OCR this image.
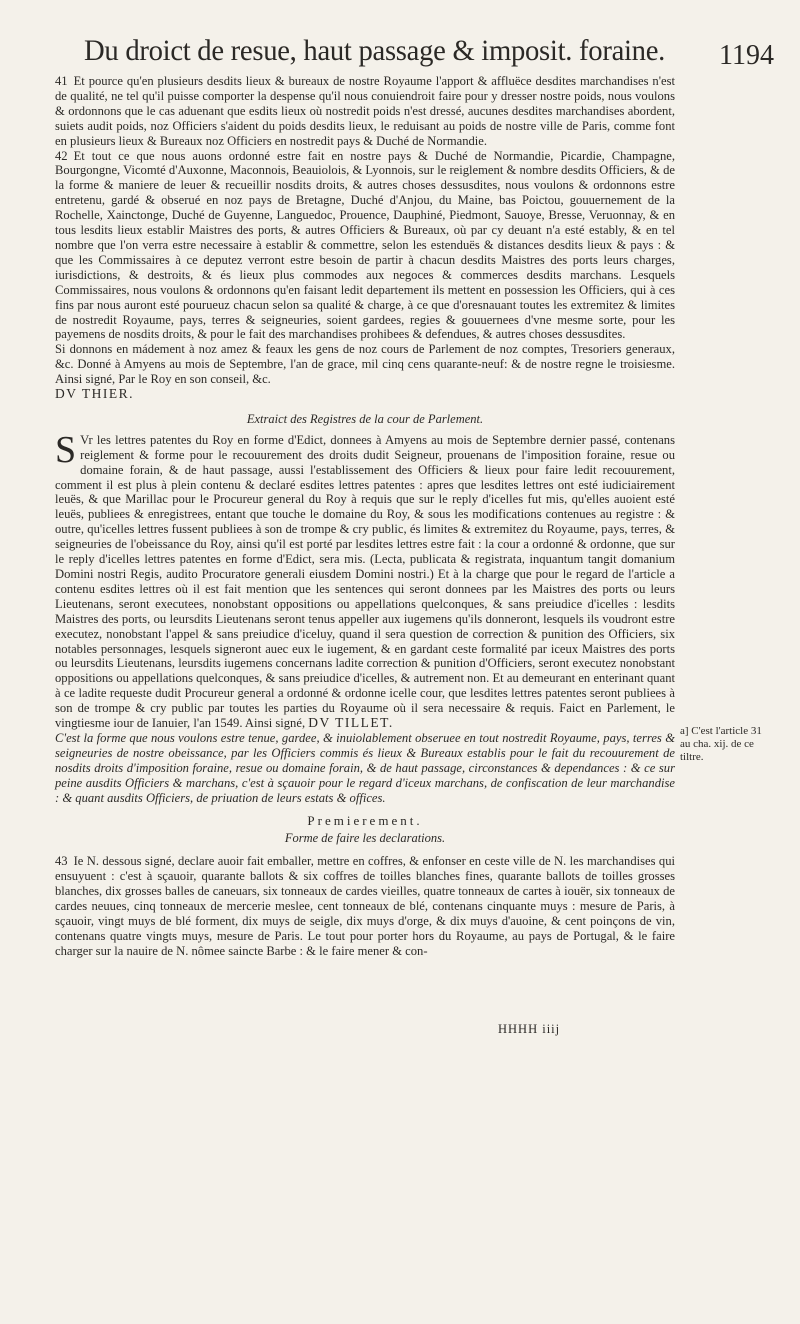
Du droict de resue, haut passage & imposit. foraine. 1194

41 Et pource qu'en plusieurs desdits lieux & bureaux de nostre Royaume l'apport & affluëce desdites marchandises n'est de qualité, ne tel qu'il puisse comporter la despense qu'il nous conuiendroit faire pour y dresser nostre poids, nous voulons & ordonnons que le cas aduenant que esdits lieux où nostredit poids n'est dressé, aucunes desdites marchandises abordent, suiets audit poids, noz Officiers s'aident du poids desdits lieux, le reduisant au poids de nostre ville de Paris, comme font en plusieurs lieux & Bureaux noz Officiers en nostredit pays & Duché de Normandie.

42 Et tout ce que nous auons ordonné estre fait en nostre pays & Duché de Normandie, Picardie, Champagne, Bourgongne, Vicomté d'Auxonne, Maconnois, Beauiolois, & Lyonnois, sur le reiglement & nombre desdits Officiers, & de la forme & maniere de leuer & recueillir nosdits droits, & autres choses dessusdites, nous voulons & ordonnons estre entretenu, gardé & obserué en noz pays de Bretagne, Duché d'Anjou, du Maine, bas Poictou, gouuernement de la Rochelle, Xainctonge, Duché de Guyenne, Languedoc, Prouence, Dauphiné, Piedmont, Sauoye, Bresse, Veruonnay, & en tous lesdits lieux establir Maistres des ports, & autres Officiers & Bureaux, où par cy deuant n'a esté estably, & en tel nombre que l'on verra estre necessaire à establir & commettre, selon les estenduës & distances desdits lieux & pays : & que les Commissaires à ce deputez verront estre besoin de partir à chacun desdits Maistres des ports leurs charges, iurisdictions, & destroits, & és lieux plus commodes aux negoces & commerces desdits marchans. Lesquels Commissaires, nous voulons & ordonnons qu'en faisant ledit departement ils mettent en possession les Officiers, qui à ces fins par nous auront esté pourueuz chacun selon sa qualité & charge, à ce que d'oresnauant toutes les extremitez & limites de nostredit Royaume, pays, terres & seigneuries, soient gardees, regies & gouuernees d'vne mesme sorte, pour les payemens de nosdits droits, & pour le fait des marchandises prohibees & defendues, & autres choses dessusdites.

Si donnons en mádement à noz amez & feaux les gens de noz cours de Parlement de noz comptes, Tresoriers generaux, &c. Donné à Amyens au mois de Septembre, l'an de grace, mil cinq cens quarante-neuf: & de nostre regne le troisiesme. Ainsi signé, Par le Roy en son conseil, &c.

DV THIER.
Extraict des Registres de la cour de Parlement.

S Vr les lettres patentes du Roy en forme d'Edict, donnees à Amyens au mois de Septembre dernier passé, contenans reiglement & forme pour le recouurement des droits dudit Seigneur, prouenans de l'imposition foraine, resue ou domaine forain, & de haut passage, aussi l'establissement des Officiers & lieux pour faire ledit recouurement, comment il est plus à plein contenu & declaré esdites lettres patentes : apres que lesdites lettres ont esté iudiciairement leuës, & que Marillac pour le Procureur general du Roy à requis que sur le reply d'icelles fut mis, qu'elles auoient esté leuës, publiees & enregistrees, entant que touche le domaine du Roy, & sous les modifications contenues au registre : & outre, qu'icelles lettres fussent publiees à son de trompe & cry public, és limites & extremitez du Royaume, pays, terres, & seigneuries de l'obeissance du Roy, ainsi qu'il est porté par lesdites lettres estre fait : la cour a ordonné & ordonne, que sur le reply d'icelles lettres patentes en forme d'Edict, sera mis. (Lecta, publicata & registrata, inquantum tangit domanium Domini nostri Regis, audito Procuratore generali eiusdem Domini nostri.) Et à la charge que pour le regard de l'article a contenu esdites lettres où il est fait mention que les sentences qui seront donnees par les Maistres des ports ou leurs Lieutenans, seront executees, nonobstant oppositions ou appellations quelconques, & sans preiudice d'icelles : lesdits Maistres des ports, ou leursdits Lieutenans seront tenus appeller aux iugemens qu'ils donneront, lesquels ils voudront estre executez, nonobstant l'appel & sans preiudice d'iceluy, quand il sera question de correction & punition des Officiers, six notables personnages, lesquels signeront auec eux le iugement, & en gardant ceste formalité par iceux Maistres des ports ou leursdits Lieutenans, leursdits iugemens concernans ladite correction & punition d'Officiers, seront executez nonobstant oppositions ou appellations quelconques, & sans preiudice d'icelles, & autrement non. Et au demeurant en enterinant quant à ce ladite requeste dudit Procureur general a ordonné & ordonne icelle cour, que lesdites lettres patentes seront publiees à son de trompe & cry public par toutes les parties du Royaume où il sera necessaire & requis. Faict en Parlement, le vingtiesme iour de Ianuier, l'an 1549. Ainsi signé, DV TILLET.

C'est la forme que nous voulons estre tenue, gardee, & inuiolablement obseruee en tout nostredit Royaume, pays, terres & seigneuries de nostre obeissance, par les Officiers commis és lieux & Bureaux establis pour le fait du recouurement de nosdits droits d'imposition foraine, resue ou domaine forain, & de haut passage, circonstances & dependances : & ce sur peine ausdits Officiers & marchans, c'est à sçauoir pour le regard d'iceux marchans, de confiscation de leur marchandise : & quant ausdits Officiers, de priuation de leurs estats & offices.

Premierement.
Forme de faire les declarations.

43 Ie N. dessous signé, declare auoir fait emballer, mettre en coffres, & enfonser en ceste ville de N. les marchandises qui ensuyuent : c'est à sçauoir, quarante ballots & six coffres de toilles blanches fines, quarante ballots de toilles grosses blanches, dix grosses balles de caneuars, six tonneaux de cardes vieilles, quatre tonneaux de cartes à iouër, six tonneaux de cardes neuues, cinq tonneaux de mercerie meslee, cent tonneaux de blé, contenans cinquante muys : mesure de Paris, à sçauoir, vingt muys de blé forment, dix muys de seigle, dix muys d'orge, & dix muys d'auoine, & cent poinçons de vin, contenans quatre vingts muys, mesure de Paris. Le tout pour porter hors du Royaume, au pays de Portugal, & le faire charger sur la nauire de N. nômee saincte Barbe : & le faire mener & con-

a] C'est l'article 31 au cha. xij. de ce tiltre.
HHHH iiij
